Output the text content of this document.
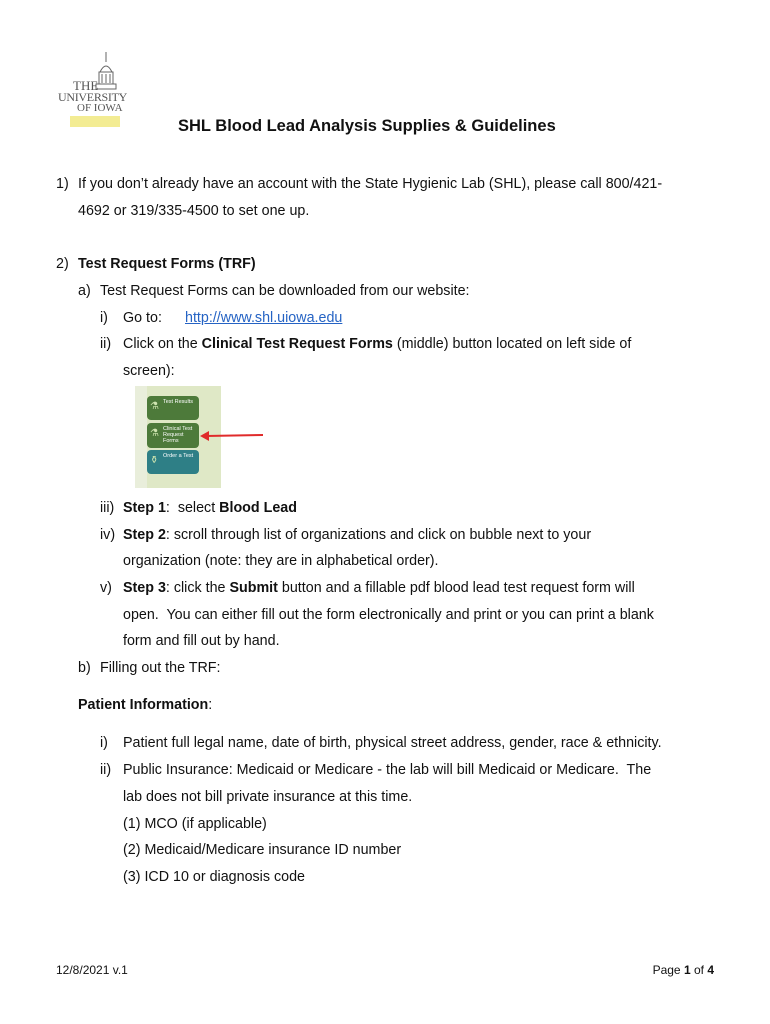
THE
UNIVERSITY
OF IOWA
SHL Blood Lead Analysis Supplies & Guidelines
1) If you don’t already have an account with the State Hygienic Lab (SHL), please call 800/421-
4692 or 319/335-4500 to set one up.
2) Test Request Forms (TRF)
a) Test Request Forms can be downloaded from our website:
i) Go to: http://www.shl.uiowa.edu
ii) Click on the Clinical Test Request Forms (middle) button located on left side of
screen):
⚗ Test Results
⚗ Clinical Test Request Forms
⚱ Order a Test
iii) Step 1:  select Blood Lead
iv) Step 2: scroll through list of organizations and click on bubble next to your
organization (note: they are in alphabetical order).
v) Step 3: click the Submit button and a fillable pdf blood lead test request form will
open.  You can either fill out the form electronically and print or you can print a blank
form and fill out by hand.
b) Filling out the TRF:
Patient Information:
i) Patient full legal name, date of birth, physical street address, gender, race & ethnicity.
ii) Public Insurance: Medicaid or Medicare - the lab will bill Medicaid or Medicare.  The
lab does not bill private insurance at this time.
(1) MCO (if applicable)
(2) Medicaid/Medicare insurance ID number
(3) ICD 10 or diagnosis code
12/8/2021 v.1	Page 1 of 4
